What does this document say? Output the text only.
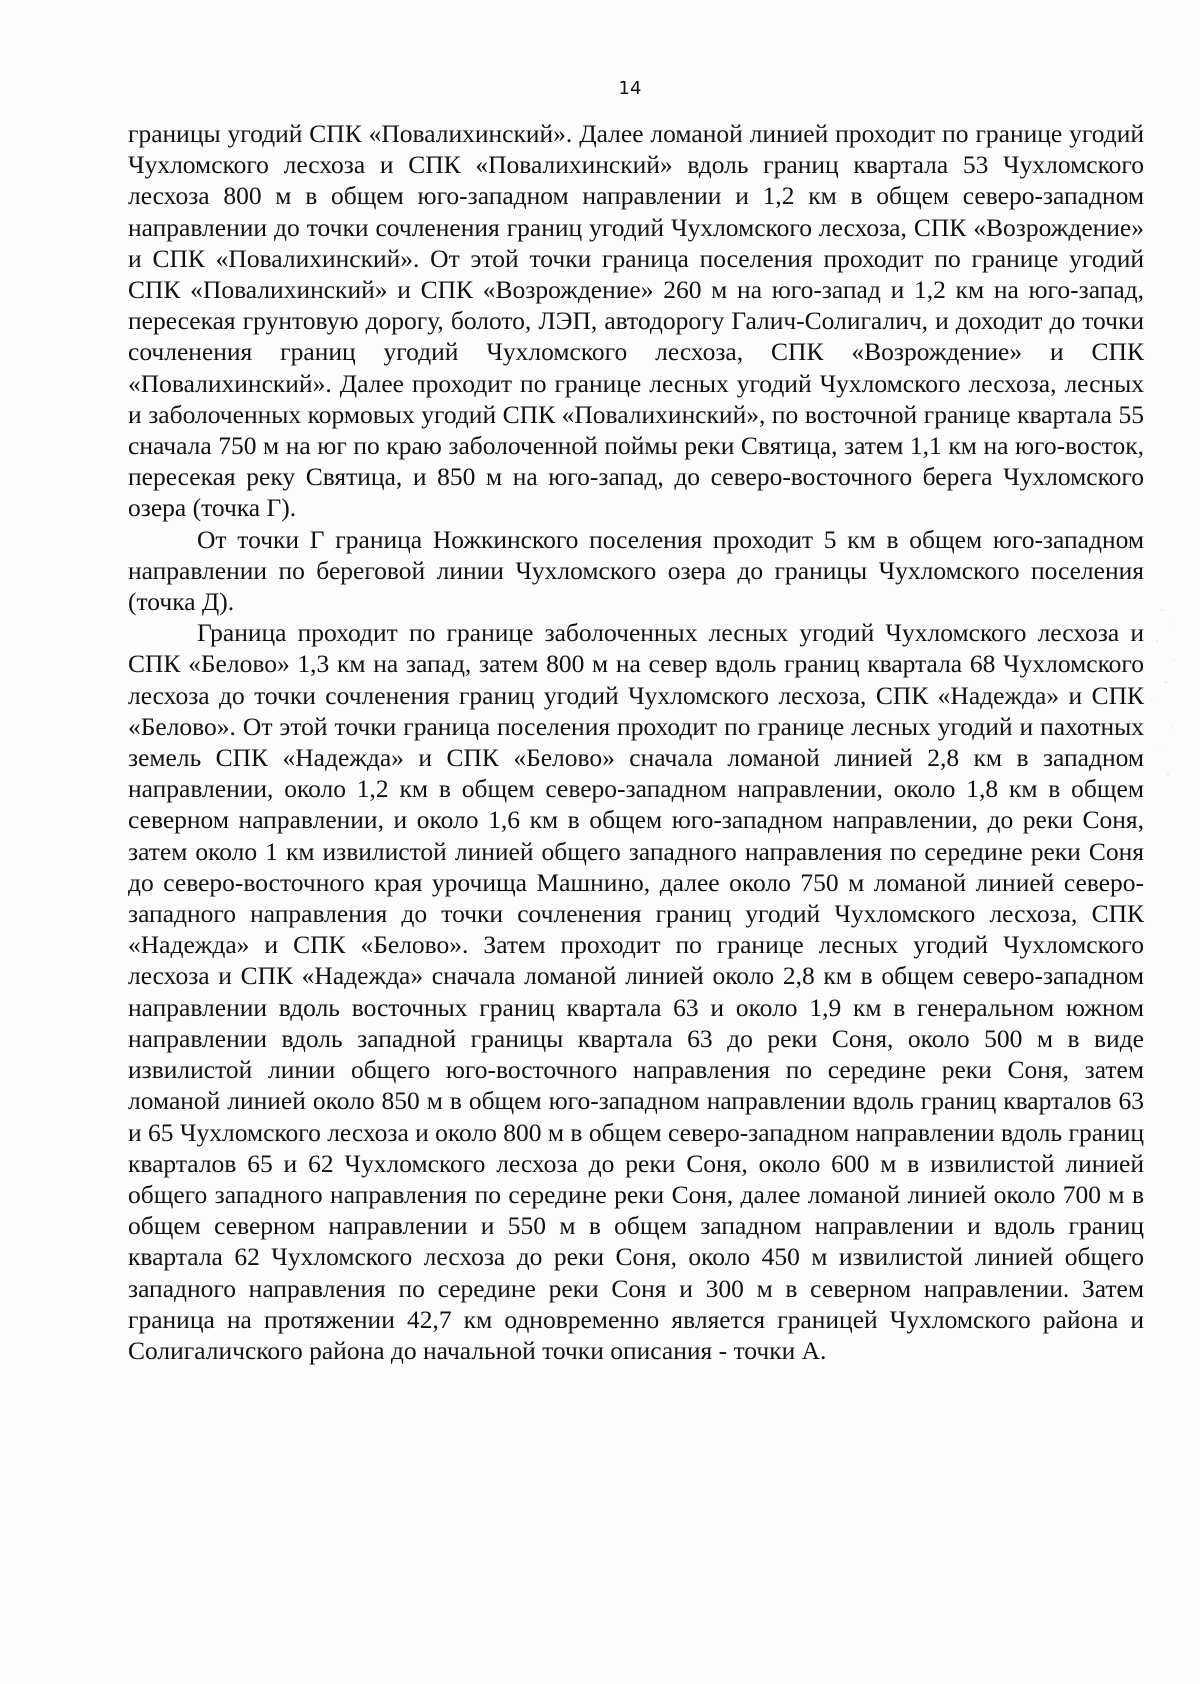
14

границы угодий СПК «Повалихинский». Далее ломаной линией проходит по границе угодий Чухломского лесхоза и СПК «Повалихинский» вдоль границ квартала 53 Чухломского лесхоза 800 м в общем юго-западном направлении и 1,2 км в общем северо-западном направлении до точки сочленения границ угодий Чухломского лесхоза, СПК «Возрождение» и СПК «Повалихинский». От этой точки граница поселения проходит по границе угодий СПК «Повалихинский» и СПК «Возрождение» 260 м на юго-запад и 1,2 км на юго-запад, пересекая грунтовую дорогу, болото, ЛЭП, автодорогу Галич-Солигалич, и доходит до точки сочленения границ угодий Чухломского лесхоза, СПК «Возрождение» и СПК «Повалихинский». Далее проходит по границе лесных угодий Чухломского лесхоза, лесных и заболоченных кормовых угодий СПК «Повалихинский», по восточной границе квартала 55 сначала 750 м на юг по краю заболоченной поймы реки Святица, затем 1,1 км на юго-восток, пересекая реку Святица, и 850 м на юго-запад, до северо-восточного берега Чухломского озера (точка Г).

От точки Г граница Ножкинского поселения проходит 5 км в общем юго-западном направлении по береговой линии Чухломского озера до границы Чухломского поселения (точка Д).

Граница проходит по границе заболоченных лесных угодий Чухломского лесхоза и СПК «Белово» 1,3 км на запад, затем 800 м на север вдоль границ квартала 68 Чухломского лесхоза до точки сочленения границ угодий Чухломского лесхоза, СПК «Надежда» и СПК «Белово». От этой точки граница поселения проходит по границе лесных угодий и пахотных земель СПК «Надежда» и СПК «Белово» сначала ломаной линией 2,8 км в западном направлении, около 1,2 км в общем северо-западном направлении, около 1,8 км в общем северном направлении, и около 1,6 км в общем юго-западном направлении, до реки Соня, затем около 1 км извилистой линией общего западного направления по середине реки Соня до северо-восточного края урочища Машнино, далее около 750 м ломаной линией северо-западного направления до точки сочленения границ угодий Чухломского лесхоза, СПК «Надежда» и СПК «Белово». Затем проходит по границе лесных угодий Чухломского лесхоза и СПК «Надежда» сначала ломаной линией около 2,8 км в общем северо-западном направлении вдоль восточных границ квартала 63 и около 1,9 км в генеральном южном направлении вдоль западной границы квартала 63 до реки Соня, около 500 м в виде извилистой линии общего юго-восточного направления по середине реки Соня, затем ломаной линией около 850 м в общем юго-западном направлении вдоль границ кварталов 63 и 65 Чухломского лесхоза и около 800 м в общем северо-западном направлении вдоль границ кварталов 65 и 62 Чухломского лесхоза до реки Соня, около 600 м в извилистой линией общего западного направления по середине реки Соня, далее ломаной линией около 700 м в общем северном направлении и 550 м в общем западном направлении и вдоль границ квартала 62 Чухломского лесхоза до реки Соня, около 450 м извилистой линией общего западного направления по середине реки Соня и 300 м в северном направлении. Затем граница на протяжении 42,7 км одновременно является границей Чухломского района и Солигаличского района до начальной точки описания - точки А.
